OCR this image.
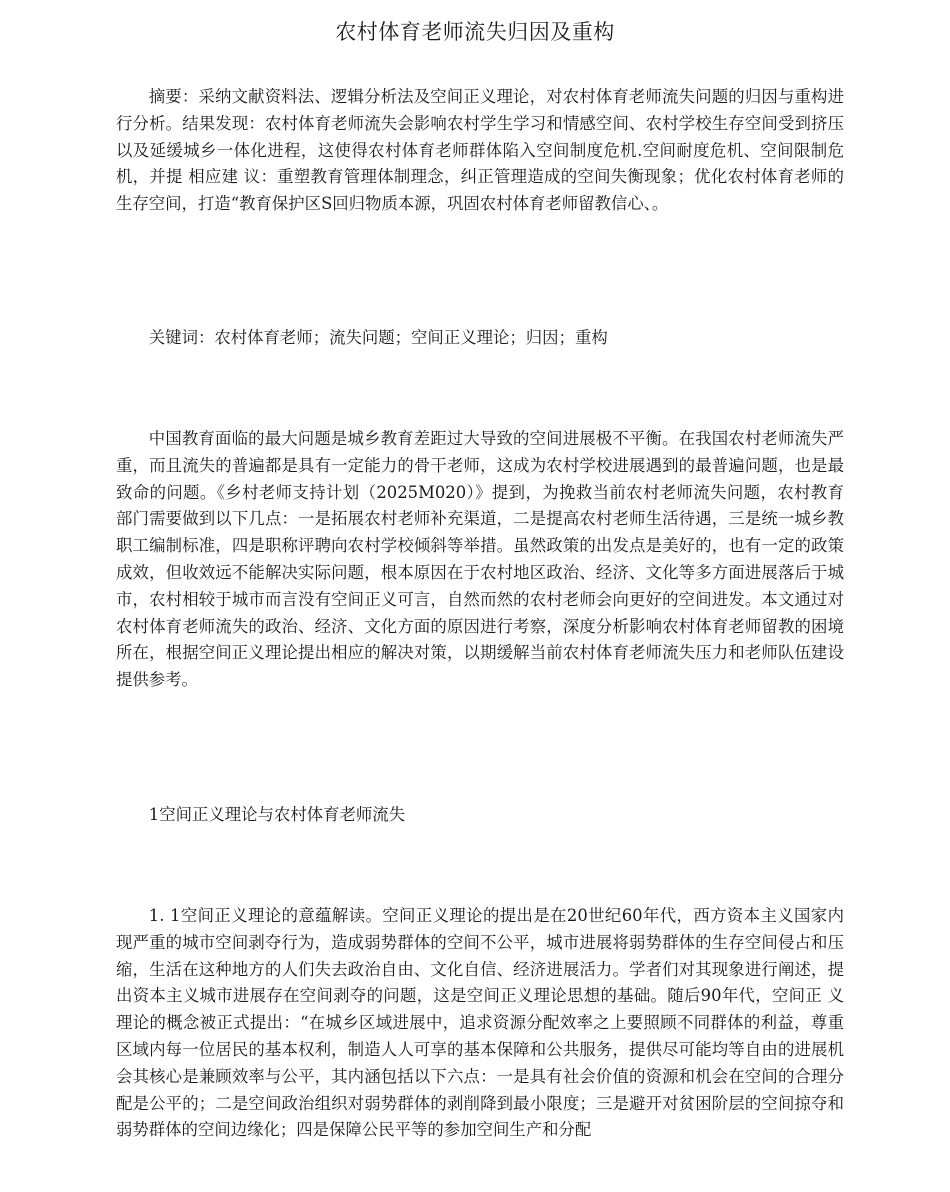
农村体育老师流失归因及重构

摘要：采纳文献资料法、逻辑分析法及空间正义理论，对农村体育老师流失问题的归因与重构进行分析。结果发现：农村体育老师流失会影响农村学生学习和情感空间、农村学校生存空间受到挤压以及延缓城乡一体化进程，这使得农村体育老师群体陷入空间制度危机.空间耐度危机、空间限制危机，并提 相应建 议：重塑教育管理体制理念，纠正管理造成的空间失衡现象；优化农村体育老师的生存空间，打造“教育保护区S回归物质本源，巩固农村体育老师留教信心、。

关键词：农村体育老师；流失问题；空间正义理论；归因；重构

中国教育面临的最大问题是城乡教育差距过大导致的空间进展极不平衡。在我国农村老师流失严重，而且流失的普遍都是具有一定能力的骨干老师，这成为农村学校进展遇到的最普遍问题，也是最致命的问题。《乡村老师支持计划（2025M020）》提到，为挽救当前农村老师流失问题，农村教育部门需要做到以下几点：一是拓展农村老师补充渠道，二是提高农村老师生活待遇，三是统一城乡教职工编制标准，四是职称评聘向农村学校倾斜等举措。虽然政策的出发点是美好的，也有一定的政策成效，但收效远不能解决实际问题，根本原因在于农村地区政治、经济、文化等多方面进展落后于城市，农村相较于城市而言没有空间正义可言，自然而然的农村老师会向更好的空间进发。本文通过对农村体育老师流失的政治、经济、文化方面的原因进行考察，深度分析影响农村体育老师留教的困境所在，根据空间正义理论提出相应的解决对策，以期缓解当前农村体育老师流失压力和老师队伍建设提供参考。

1空间正义理论与农村体育老师流失

1. 1空间正义理论的意蕴解读。空间正义理论的提出是在20世纪60年代，西方资本主义国家内现严重的城市空间剥夺行为，造成弱势群体的空间不公平，城市进展将弱势群体的生存空间侵占和压缩，生活在这种地方的人们失去政治自由、文化自信、经济进展活力。学者们对其现象进行阐述，提出资本主义城市进展存在空间剥夺的问题，这是空间正义理论思想的基础。随后90年代，空间正 义理论的概念被正式提出：“在城乡区域进展中，追求资源分配效率之上要照顾不同群体的利益，尊重区域内每一位居民的基本权利，制造人人可享的基本保障和公共服务，提供尽可能均等自由的进展机会其核心是兼顾效率与公平，其内涵包括以下六点：一是具有社会价值的资源和机会在空间的合理分配是公平的；二是空间政治组织对弱势群体的剥削降到最小限度；三是避开对贫困阶层的空间掠夺和弱势群体的空间边缘化；四是保障公民平等的参加空间生产和分配
